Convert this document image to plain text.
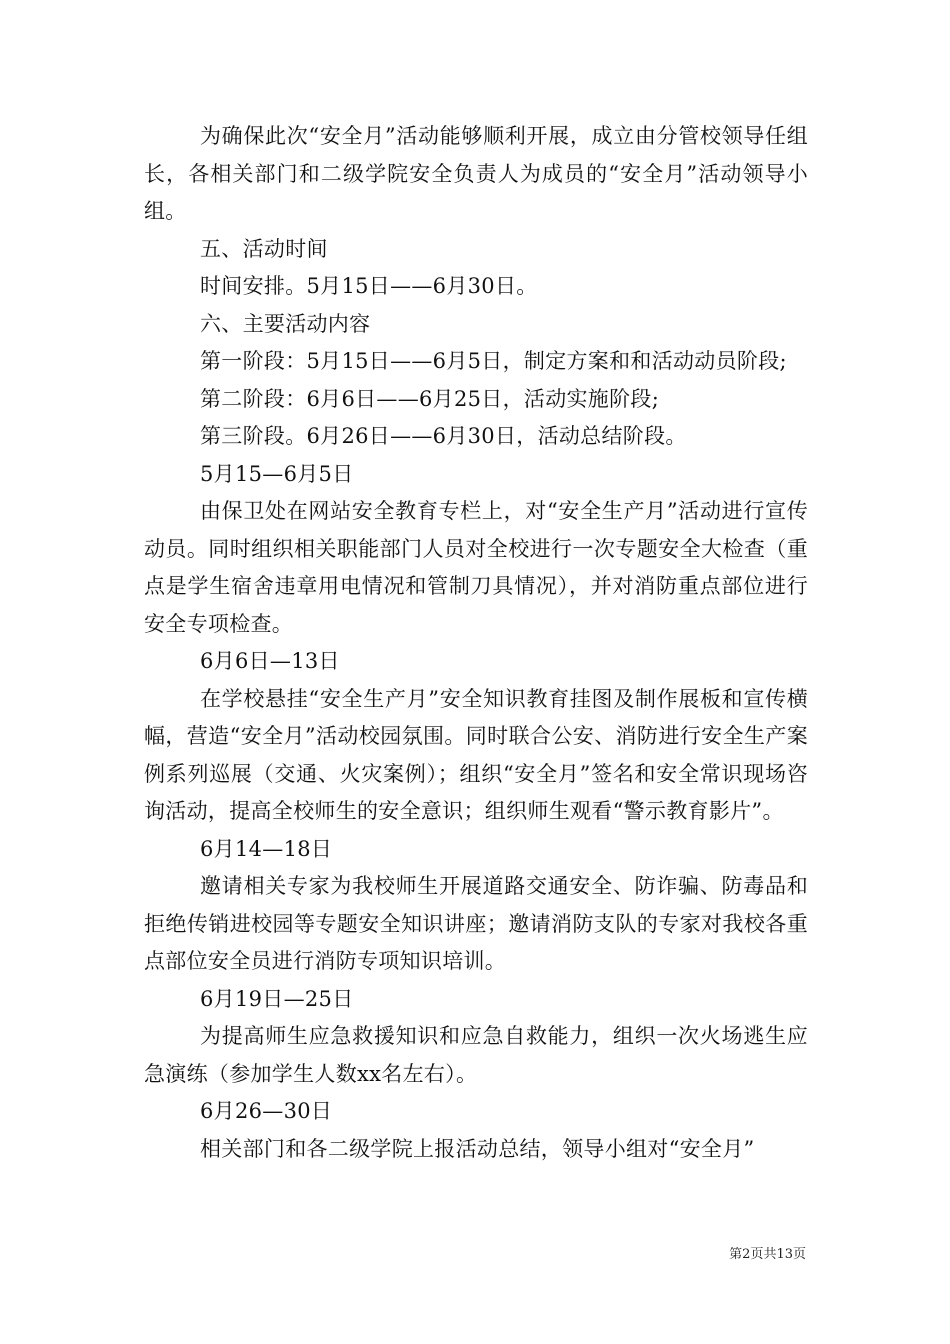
为确保此次“安全月”活动能够顺利开展，成立由分管校领导任组长，各相关部门和二级学院安全负责人为成员的“安全月”活动领导小组。

五、活动时间

时间安排。5月15日——6月30日。

六、主要活动内容

第一阶段：5月15日——6月5日，制定方案和和活动动员阶段;

第二阶段：6月6日——6月25日，活动实施阶段;

第三阶段。6月26日——6月30日，活动总结阶段。

5月15—6月5日

由保卫处在网站安全教育专栏上，对“安全生产月”活动进行宣传动员。同时组织相关职能部门人员对全校进行一次专题安全大检查（重点是学生宿舍违章用电情况和管制刀具情况），并对消防重点部位进行安全专项检查。

6月6日—13日

在学校悬挂“安全生产月”安全知识教育挂图及制作展板和宣传横幅，营造“安全月”活动校园氛围。同时联合公安、消防进行安全生产案例系列巡展（交通、火灾案例）；组织“安全月”签名和安全常识现场咨询活动，提高全校师生的安全意识；组织师生观看“警示教育影片”。

6月14—18日

邀请相关专家为我校师生开展道路交通安全、防诈骗、防毒品和拒绝传销进校园等专题安全知识讲座；邀请消防支队的专家对我校各重点部位安全员进行消防专项知识培训。

6月19日—25日

为提高师生应急救援知识和应急自救能力，组织一次火场逃生应急演练（参加学生人数xx名左右）。

6月26—30日

相关部门和各二级学院上报活动总结，领导小组对“安全月”

第2页共13页
